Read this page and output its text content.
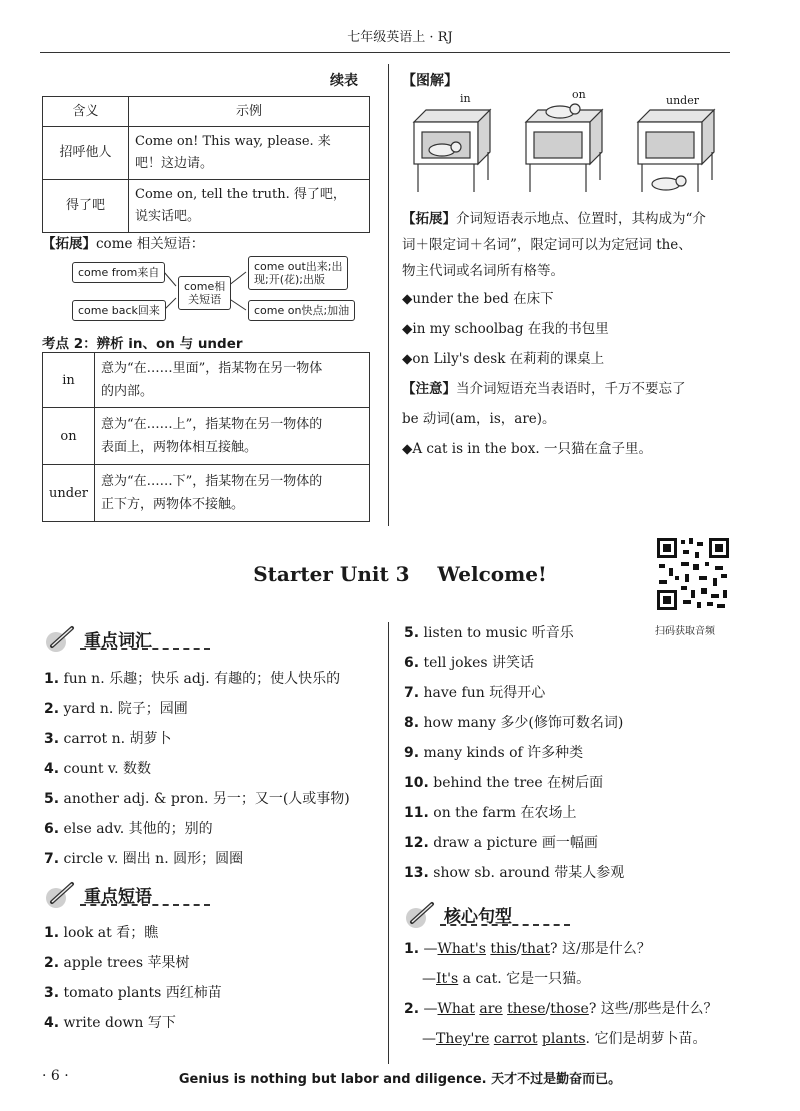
七年级英语上 · RJ
续表
含义	示例
招呼他人	Come on! This way, please. 来
吧！这边请。

得了吧	Come on, tell the truth. 得了吧，
说实话吧。
【拓展】come 相关短语：
come from来自
come back回来
come相
关短语
come out出来;出
现;开(花);出版
come on快点;加油
考点 2：辨析 in、on 与 under
in	意为“在……里面”，指某物在另一物体
的内部。

on	意为“在……上”，指某物在另一物体的
表面上，两物体相互接触。

under	意为“在……下”，指某物在另一物体的
正下方，两物体不接触。
【图解】
in	on	under
【拓展】介词短语表示地点、位置时，其构成为“介
词＋限定词＋名词”，限定词可以为定冠词 the、
物主代词或名词所有格等。
◆under the bed 在床下
◆in my schoolbag 在我的书包里
◆on Lily's desk 在莉莉的课桌上
【注意】当介词短语充当表语时，千万不要忘了
be 动词(am，is，are)。
◆A cat is in the box. 一只猫在盒子里。
Starter Unit 3    Welcome!
扫码获取音频
重点词汇
1. fun n. 乐趣；快乐 adj. 有趣的；使人快乐的
2. yard n. 院子；园圃
3. carrot n. 胡萝卜
4. count v. 数数
5. another adj. & pron. 另一；又一(人或事物)
6. else adv. 其他的；别的
7. circle v. 圈出 n. 圆形；圆圈
重点短语
1. look at 看；瞧
2. apple trees 苹果树
3. tomato plants 西红柿苗
4. write down 写下
5. listen to music 听音乐
6. tell jokes 讲笑话
7. have fun 玩得开心
8. how many 多少(修饰可数名词)
9. many kinds of 许多种类
10. behind the tree 在树后面
11. on the farm 在农场上
12. draw a picture 画一幅画
13. show sb. around 带某人参观
核心句型
1. —What's this/that? 这/那是什么？
—It's a cat. 它是一只猫。
2. —What are these/those? 这些/那些是什么？
—They're carrot plants. 它们是胡萝卜苗。
· 6 ·	Genius is nothing but labor and diligence. 天才不过是勤奋而已。
